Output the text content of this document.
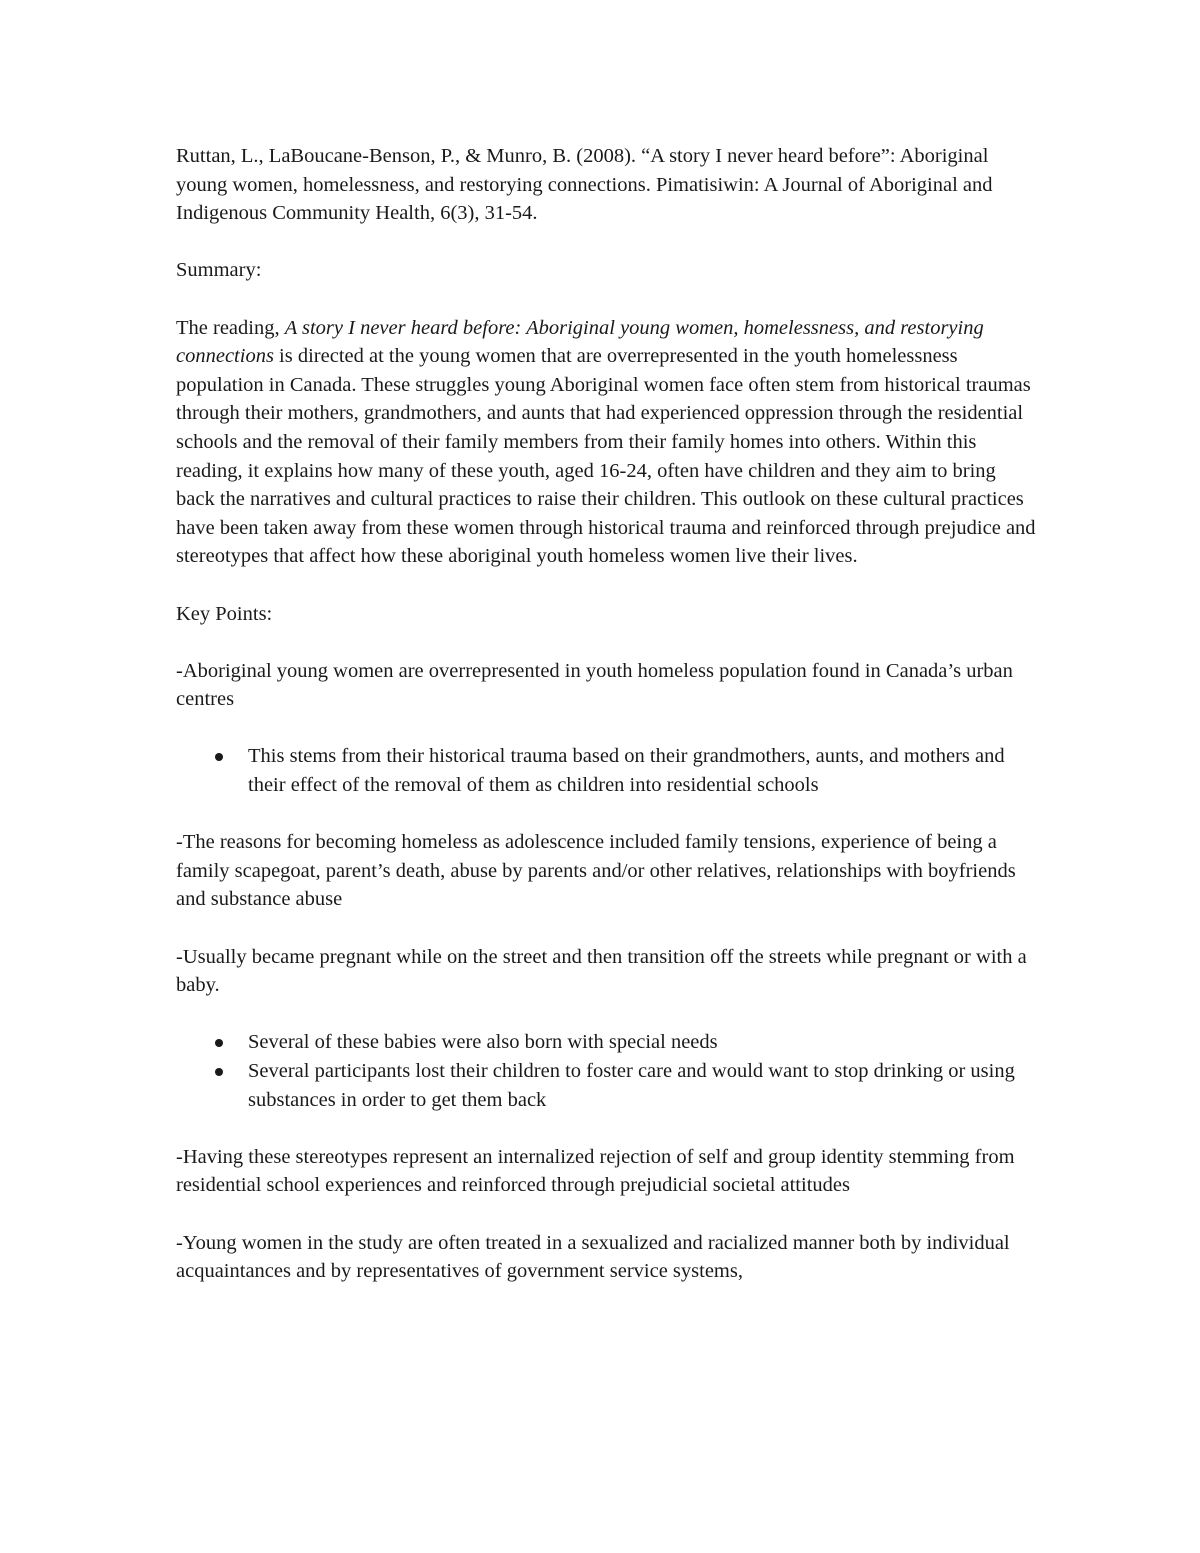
Ruttan, L., LaBoucane-Benson, P., & Munro, B. (2008). “A story I never heard before”: Aboriginal young women, homelessness, and restorying connections. Pimatisiwin: A Journal of Aboriginal and Indigenous Community Health, 6(3), 31-54.

Summary:

The reading, A story I never heard before: Aboriginal young women, homelessness, and restorying connections is directed at the young women that are overrepresented in the youth homelessness population in Canada. These struggles young Aboriginal women face often stem from historical traumas through their mothers, grandmothers, and aunts that had experienced oppression through the residential schools and the removal of their family members from their family homes into others. Within this reading, it explains how many of these youth, aged 16-24, often have children and they aim to bring back the narratives and cultural practices to raise their children. This outlook on these cultural practices have been taken away from these women through historical trauma and reinforced through prejudice and stereotypes that affect how these aboriginal youth homeless women live their lives.

Key Points:

-Aboriginal young women are overrepresented in youth homeless population found in Canada’s urban centres

This stems from their historical trauma based on their grandmothers, aunts, and mothers and their effect of the removal of them as children into residential schools

-The reasons for becoming homeless as adolescence included family tensions, experience of being a family scapegoat, parent’s death, abuse by parents and/or other relatives, relationships with boyfriends and substance abuse

-Usually became pregnant while on the street and then transition off the streets while pregnant or with a baby.

Several of these babies were also born with special needs
Several participants lost their children to foster care and would want to stop drinking or using substances in order to get them back

-Having these stereotypes represent an internalized rejection of self and group identity stemming from residential school experiences and reinforced through prejudicial societal attitudes

-Young women in the study are often treated in a sexualized and racialized manner both by individual acquaintances and by representatives of government service systems,
